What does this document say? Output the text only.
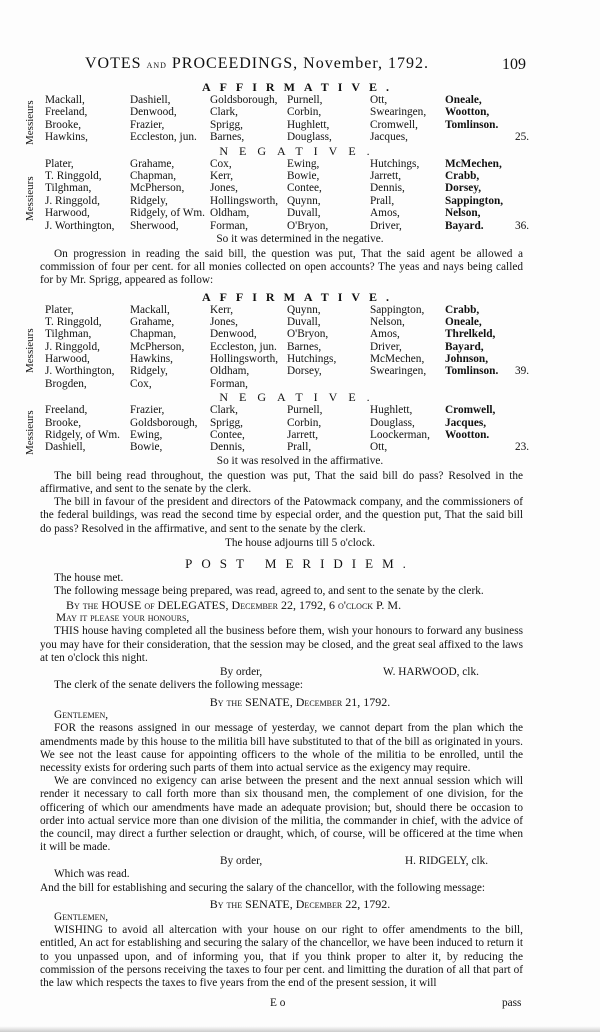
VOTES and PROCEEDINGS, November, 1792.	109
AFFIRMATIVE.
Mackall,	Dashiell,	Goldsborough, Purnell,	Ott,	Oneale,
Freeland,	Denwood,	Clark,	Corbin,	Swearingen, Wootton,
Brooke,	Frazier,	Sprigg,	Hughlett,	Cromwell, Tomlinson.
Hawkins,	Eccleston, jun. Barnes,	Douglass,	Jacques,	25.
Messieurs
NEGATIVE.
Plater,	Grahame,	Cox,	Ewing,	Hutchings, McMechen,
T. Ringgold,	Chapman,	Kerr,	Bowie,	Jarrett,	Crabb,
Tilghman,	McPherson, Jones,	Contee,	Dennis,	Dorsey,
J. Ringgold,	Ridgely,	Hollingsworth, Quynn,	Prall,	Sappington,
Harwood,	Ridgely, of Wm. Oldham,	Duvall,	Amos,	Nelson,
J. Worthington, Sherwood,	Forman,	O'Bryon,	Driver,	Bayard.	36.
Messieurs
So it was determined in the negative.

On progression in reading the said bill, the question was put, That the said agent be allowed a commission of four per cent. for all monies collected on open accounts? The yeas and nays being called for by Mr. Sprigg, appeared as follow:

AFFIRMATIVE.
Plater,	Mackall,	Kerr,	Quynn,	Sappington, Crabb,
T. Ringgold,	Grahame,	Jones,	Duvall,	Nelson,	Oneale,
Tilghman,	Chapman,	Denwood,	O'Bryon,	Amos,	Threlkeld,
J. Ringgold,	McPherson, Eccleston, jun. Barnes,	Driver,	Bayard,
Harwood,	Hawkins,	Hollingsworth, Hutchings,	McMechen, Johnson,
J. Worthington, Ridgely,	Oldham,	Dorsey,	Swearingen, Tomlinson. 39.
Brogden,	Cox,	Forman,
Messieurs
NEGATIVE.
Freeland,	Frazier,	Clark,	Purnell,	Hughlett,	Cromwell,
Brooke,	Goldsborough, Sprigg,	Corbin,	Douglass,	Jacques,
Ridgely, of Wm. Ewing,	Contee,	Jarrett,	Loockerman, Wootton.
Dashiell,	Bowie,	Dennis,	Prall,	Ott,	23.
Messieurs
So it was resolved in the affirmative.

The bill being read throughout, the question was put, That the said bill do pass? Resolved in the affirmative, and sent to the senate by the clerk.

The bill in favour of the president and directors of the Patowmack company, and the commissioners of the federal buildings, was read the second time by especial order, and the question put, That the said bill do pass? Resolved in the affirmative, and sent to the senate by the clerk.

The house adjourns till 5 o'clock.
POST MERIDIEM.

The house met.

The following message being prepared, was read, agreed to, and sent to the senate by the clerk.

By the HOUSE of DELEGATES, December 22, 1792, 6 o'clock P. M.

May it please your honours,

THIS house having completed all the business before them, wish your honours to forward any business you may have for their consideration, that the session may be closed, and the great seal affixed to the laws at ten o'clock this night.

By order,	W. HARWOOD, clk.

The clerk of the senate delivers the following message:

By the SENATE, December 21, 1792.

Gentlemen,

FOR the reasons assigned in our message of yesterday, we cannot depart from the plan which the amendments made by this house to the militia bill have substituted to that of the bill as originated in yours. We see not the least cause for appointing officers to the whole of the militia to be enrolled, until the necessity exists for ordering such parts of them into actual service as the exigency may require.

We are convinced no exigency can arise between the present and the next annual session which will render it necessary to call forth more than six thousand men, the complement of one division, for the officering of which our amendments have made an adequate provision; but, should there be occasion to order into actual service more than one division of the militia, the commander in chief, with the advice of the council, may direct a further selection or draught, which, of course, will be officered at the time when it will be made.

By order,	H. RIDGELY, clk.

Which was read.

And the bill for establishing and securing the salary of the chancellor, with the following message:

By the SENATE, December 22, 1792.

Gentlemen,

WISHING to avoid all altercation with your house on our right to offer amendments to the bill, entitled, An act for establishing and securing the salary of the chancellor, we have been induced to return it to you unpassed upon, and of informing you, that if you think proper to alter it, by reducing the commission of the persons receiving the taxes to four per cent. and limitting the duration of all that part of the law which respects the taxes to five years from the end of the present session, it will

E o	pass
